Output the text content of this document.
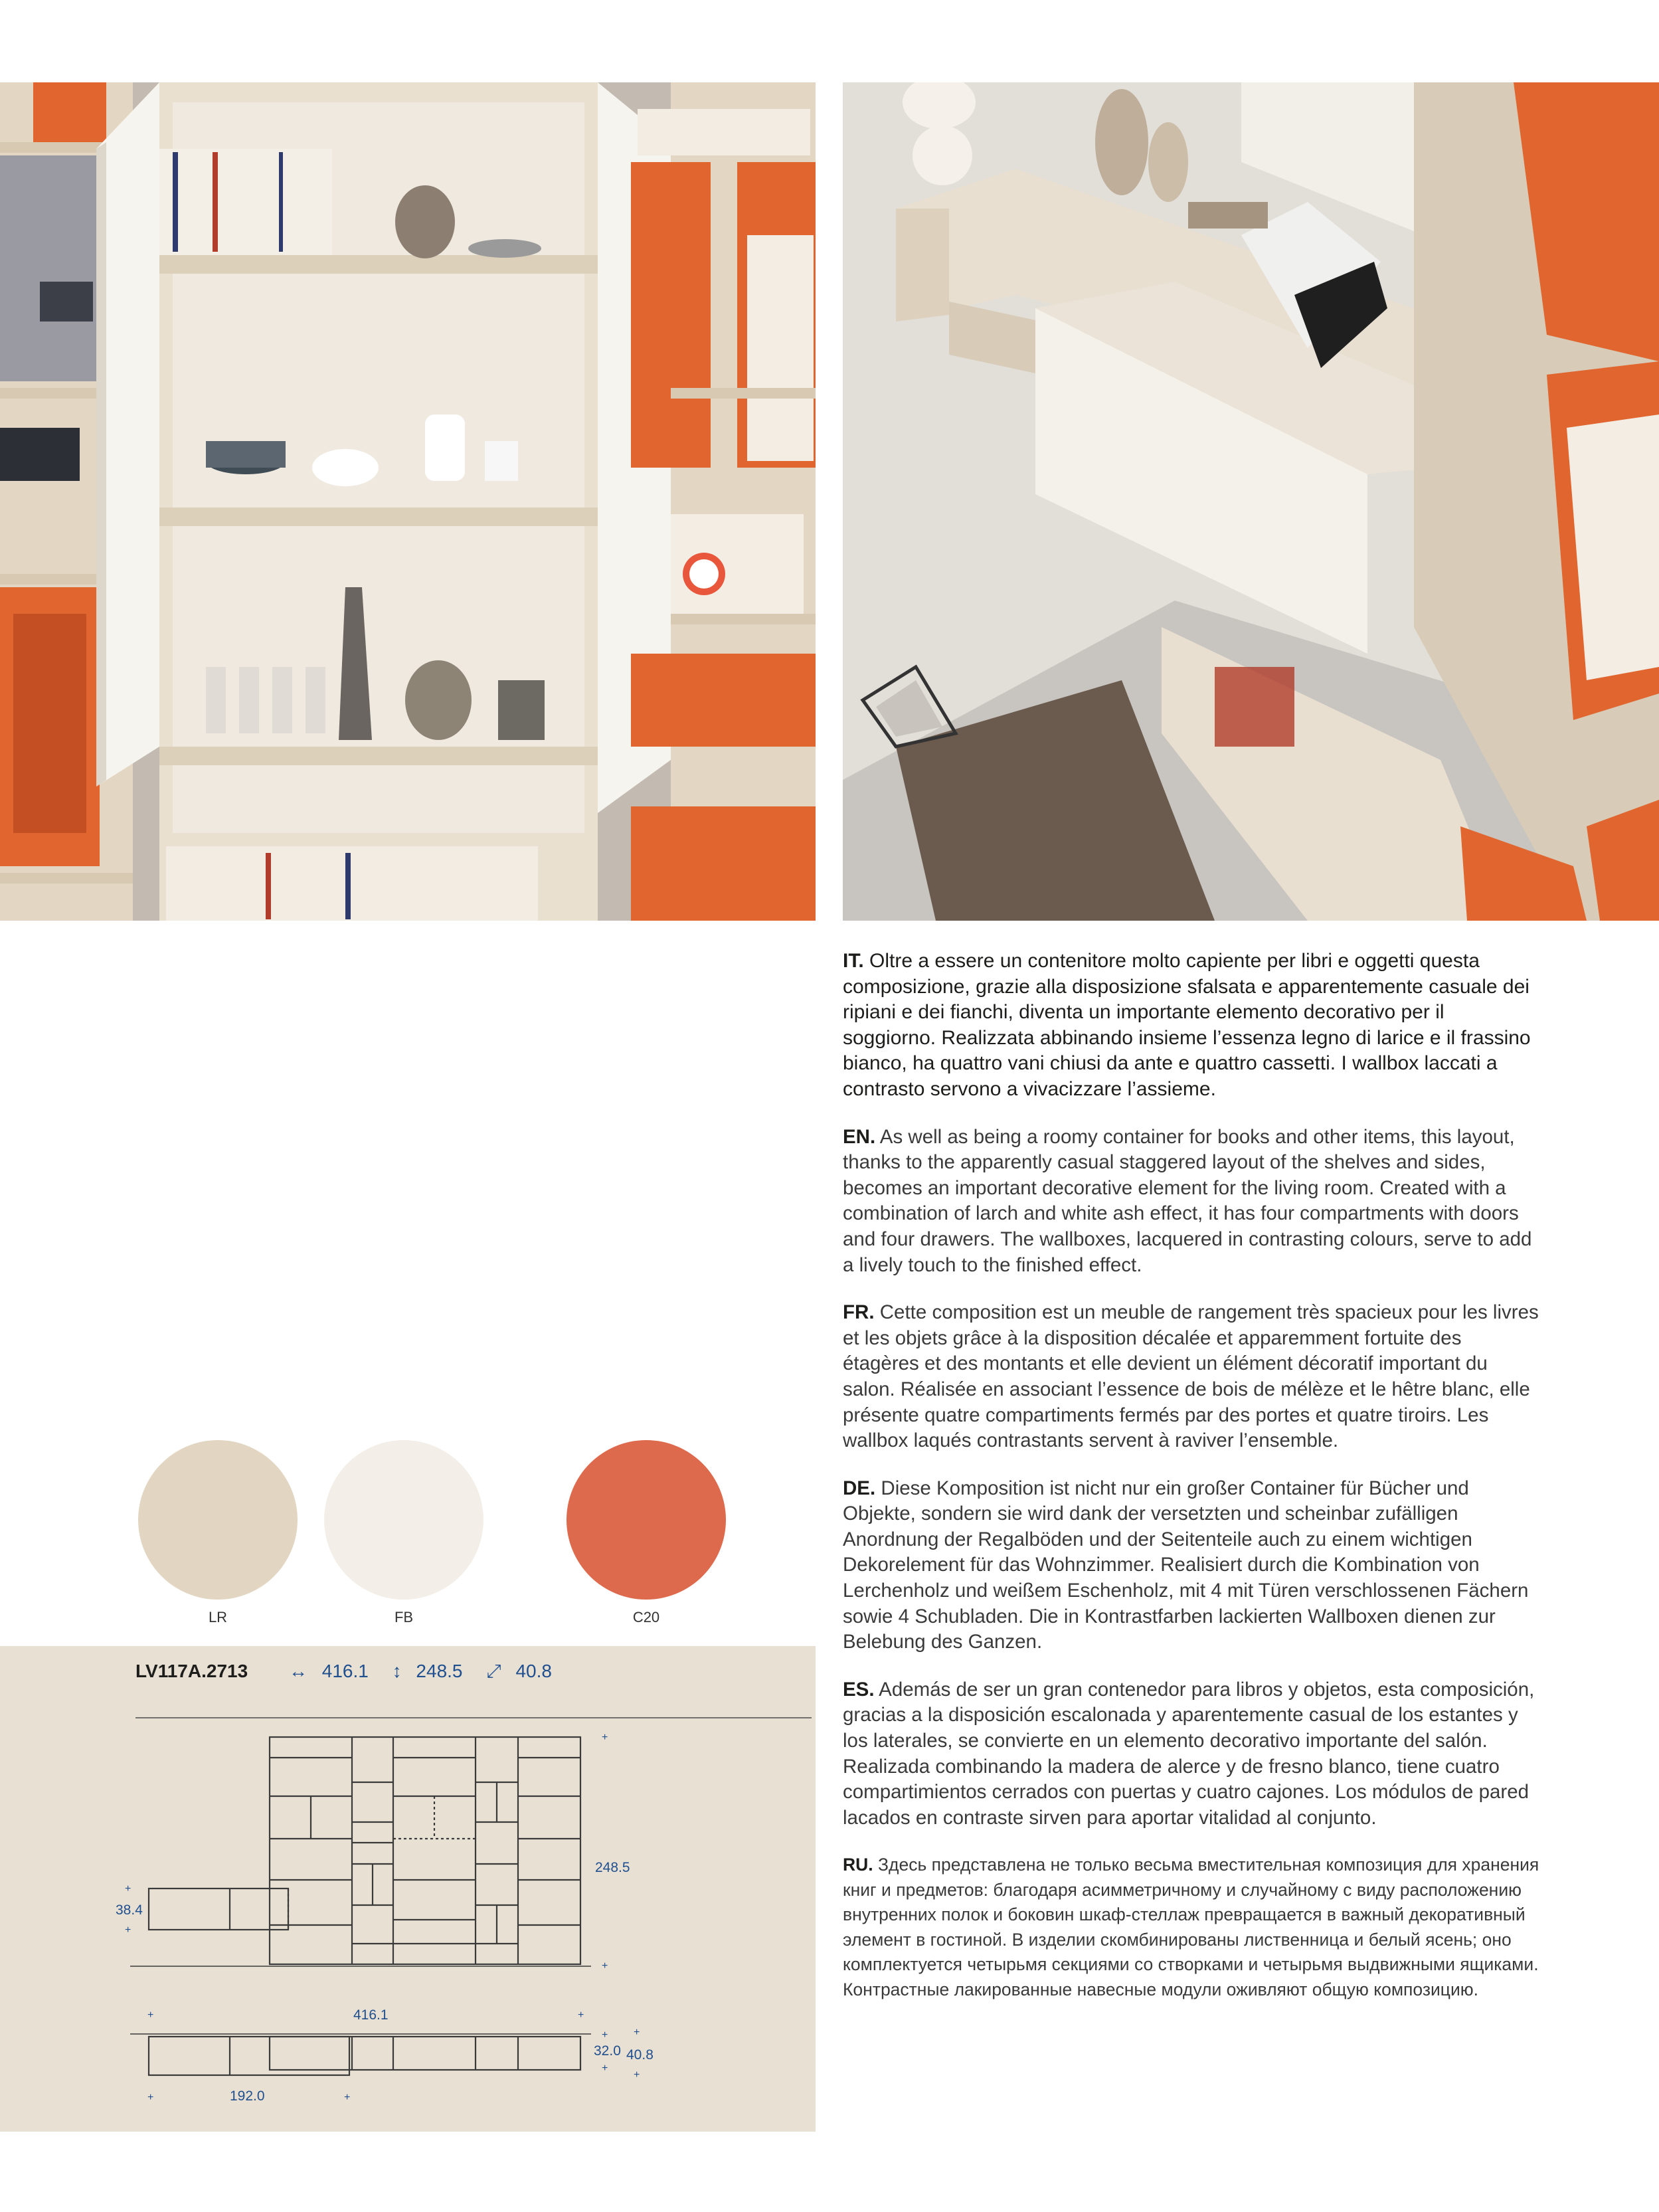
IT. Oltre a essere un contenitore molto capiente per libri e oggetti questa composizione, grazie alla disposizione sfalsata e apparentemente casuale dei ripiani e dei fianchi, diventa un importante elemento decorativo per il soggiorno. Realizzata abbinando insieme l’essenza legno di larice e il frassino bianco, ha quattro vani chiusi da ante e quattro cassetti. I wallbox laccati a contrasto servono a vivacizzare l’assieme.

EN. As well as being a roomy container for books and other items, this layout, thanks to the apparently casual staggered layout of the shelves and sides, becomes an important decorative element for the living room. Created with a combination of larch and white ash effect, it has four compartments with doors and four drawers. The wallboxes, lacquered in contrasting colours, serve to add a lively touch to the finished effect.

FR. Cette composition est un meuble de rangement très spacieux pour les livres et les objets grâce à la disposition décalée et apparemment fortuite des étagères et des montants et elle devient un élément décoratif important du salon. Réalisée en associant l’essence de bois de mélèze et le hêtre blanc, elle présente quatre compartiments fermés par des portes et quatre tiroirs. Les wallbox laqués contrastants servent à raviver l’ensemble.

DE. Diese Komposition ist nicht nur ein großer Container für Bücher und Objekte, sondern sie wird dank der versetzten und scheinbar zufälligen Anordnung der Regalböden und der Seitenteile auch zu einem wichtigen Dekorelement für das Wohnzimmer. Realisiert durch die Kombination von Lerchenholz und weißem Eschenholz, mit 4 mit Türen verschlossenen Fächern sowie 4 Schubladen. Die in Kontrastfarben lackierten Wallboxen dienen zur Belebung des Ganzen.

ES. Además de ser un gran contenedor para libros y objetos, esta composición, gracias a la disposición escalonada y aparentemente casual de los estantes y los laterales, se convierte en un elemento decorativo importante del salón. Realizada combinando la madera de alerce y de fresno blanco, tiene cuatro compartimientos cerrados con puertas y cuatro cajones. Los módulos de pared lacados en contraste sirven para aportar vitalidad al conjunto.

RU. Здесь представлена не только весьма вместительная композиция для хранения книг и предметов: благодаря асимметричному и случайному с виду расположению внутренних полок и боковин шкаф-стеллаж превращается в важный декоративный элемент в гостиной. В изделии скомбинированы лиственница и белый ясень; оно комплектуется четырьмя секциями со створками и четырьмя выдвижными ящиками. Контрастные лакированные навесные модули оживляют общую композицию.

LR	FB	C20
248.5
38.4
416.1
32.0 40.8
192.0
+
+
+
+
+	+
+
+
+
+
+	+
LV117A.2713 ↔ 416.1 ↕ 248.5 ⤢ 40.8
